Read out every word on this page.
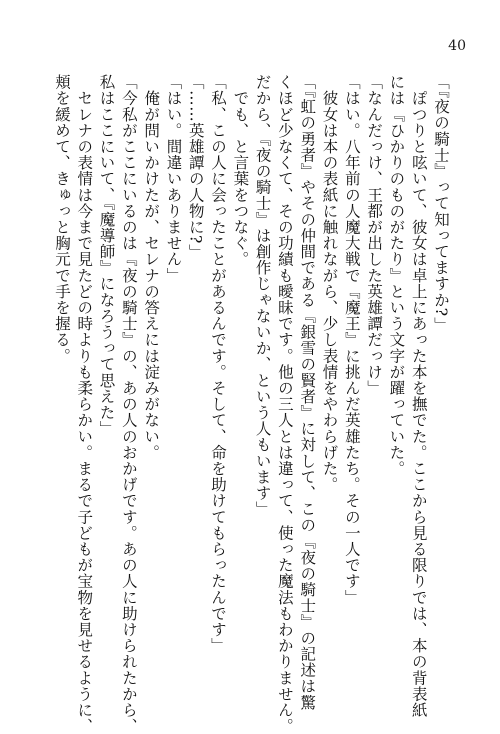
40
「『夜の騎士』って知ってますか?」
　ぽつりと呟いて、彼女は卓上にあった本を撫でた。ここから見る限りでは、本の背表紙
には『ひかりのものがたり』という文字が躍っていた。
「なんだっけ、王都が出した英雄譚だっけ」
「はい。八年前の人魔大戦で『魔王』に挑んだ英雄たち。その一人です」
　彼女は本の表紙に触れながら、少し表情をやわらげた。
「『虹の勇者』やその仲間である『銀雪の賢者』に対して、この『夜の騎士』の記述は驚
くほど少なくて、その功績も曖昧です。他の三人とは違って、使った魔法もわかりません。
だから、『夜の騎士』は創作じゃないか、という人もいます」
　でも、と言葉をつなぐ。
「私、この人に会ったことがあるんです。そして、命を助けてもらったんです」
「……英雄譚の人物に?」
「はい。間違いありません」
　俺が問いかけたが、セレナの答えには淀みがない。
「今私がここにいるのは『夜の騎士』の、あの人のおかげです。あの人に助けられたから、
私はここにいて、『魔導師』になろうって思えた」
　セレナの表情は今まで見たどの時よりも柔らかい。まるで子どもが宝物を見せるように、
頬を緩めて、きゅっと胸元で手を握る。
